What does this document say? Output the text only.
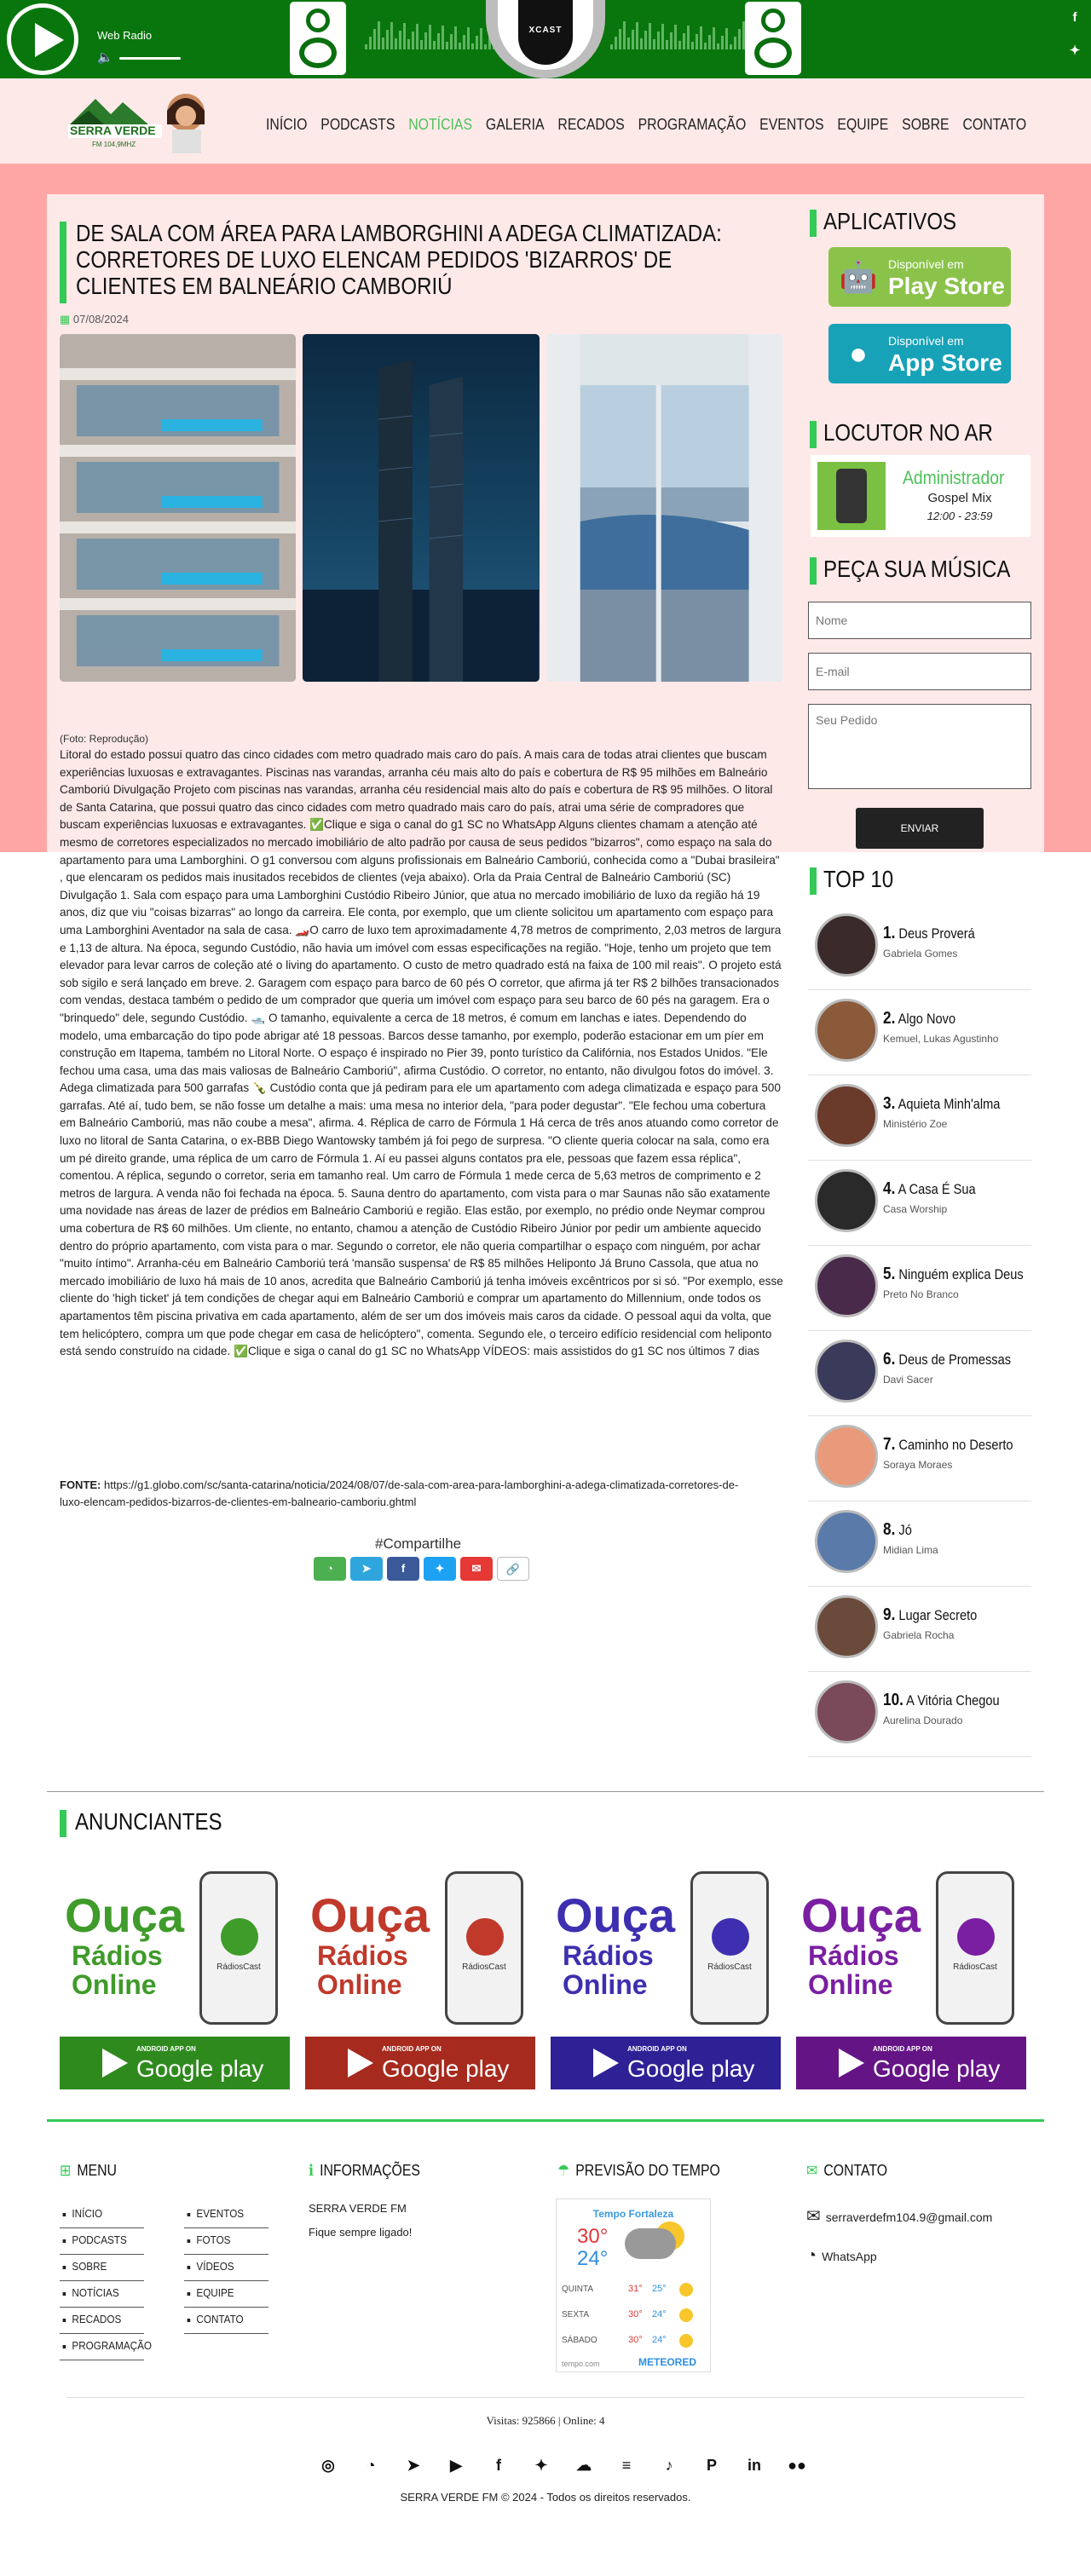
Web Radio
🔈
XCAST
f
✦
SERRA VERDE
FM 104,9MHZ
INÍCIO PODCASTS NOTÍCIAS GALERIA RECADOS PROGRAMAÇÃO EVENTOS EQUIPE SOBRE CONTATO
DE SALA COM ÁREA PARA LAMBORGHINI A ADEGA CLIMATIZADA: CORRETORES DE LUXO ELENCAM PEDIDOS 'BIZARROS' DE CLIENTES EM BALNEÁRIO CAMBORIÚ
▦ 07/08/2024
(Foto: Reprodução)
Litoral do estado possui quatro das cinco cidades com metro quadrado mais caro do país. A mais cara de todas atrai clientes que buscam experiências luxuosas e extravagantes. Piscinas nas varandas, arranha céu mais alto do país e cobertura de R$ 95 milhões em Balneário Camboriú Divulgação Projeto com piscinas nas varandas, arranha céu residencial mais alto do país e cobertura de R$ 95 milhões. O litoral de Santa Catarina, que possui quatro das cinco cidades com metro quadrado mais caro do país, atrai uma série de compradores que buscam experiências luxuosas e extravagantes. ✅Clique e siga o canal do g1 SC no WhatsApp Alguns clientes chamam a atenção até mesmo de corretores especializados no mercado imobiliário de alto padrão por causa de seus pedidos "bizarros", como espaço na sala do apartamento para uma Lamborghini. O g1 conversou com alguns profissionais em Balneário Camboriú, conhecida como a "Dubai brasileira" , que elencaram os pedidos mais inusitados recebidos de clientes (veja abaixo). Orla da Praia Central de Balneário Camboriú (SC) Divulgação 1. Sala com espaço para uma Lamborghini Custódio Ribeiro Júnior, que atua no mercado imobiliário de luxo da região há 19 anos, diz que viu "coisas bizarras" ao longo da carreira. Ele conta, por exemplo, que um cliente solicitou um apartamento com espaço para uma Lamborghini Aventador na sala de casa. 🏎️O carro de luxo tem aproximadamente 4,78 metros de comprimento, 2,03 metros de largura e 1,13 de altura. Na época, segundo Custódio, não havia um imóvel com essas especificações na região. "Hoje, tenho um projeto que tem elevador para levar carros de coleção até o living do apartamento. O custo de metro quadrado está na faixa de 100 mil reais". O projeto está sob sigilo e será lançado em breve. 2. Garagem com espaço para barco de 60 pés O corretor, que afirma já ter R$ 2 bilhões transacionados com vendas, destaca também o pedido de um comprador que queria um imóvel com espaço para seu barco de 60 pés na garagem. Era o "brinquedo" dele, segundo Custódio. 🛥️ O tamanho, equivalente a cerca de 18 metros, é comum em lanchas e iates. Dependendo do modelo, uma embarcação do tipo pode abrigar até 18 pessoas. Barcos desse tamanho, por exemplo, poderão estacionar em um píer em construção em Itapema, também no Litoral Norte. O espaço é inspirado no Pier 39, ponto turístico da Califórnia, nos Estados Unidos. "Ele fechou uma casa, uma das mais valiosas de Balneário Camboriú", afirma Custódio. O corretor, no entanto, não divulgou fotos do imóvel. 3. Adega climatizada para 500 garrafas 🍾 Custódio conta que já pediram para ele um apartamento com adega climatizada e espaço para 500 garrafas. Até aí, tudo bem, se não fosse um detalhe a mais: uma mesa no interior dela, "para poder degustar". "Ele fechou uma cobertura em Balneário Camboriú, mas não coube a mesa", afirma. 4. Réplica de carro de Fórmula 1 Há cerca de três anos atuando como corretor de luxo no litoral de Santa Catarina, o ex-BBB Diego Wantowsky também já foi pego de surpresa. "O cliente queria colocar na sala, como era um pé direito grande, uma réplica de um carro de Fórmula 1. Aí eu passei alguns contatos pra ele, pessoas que fazem essa réplica", comentou. A réplica, segundo o corretor, seria em tamanho real. Um carro de Fórmula 1 mede cerca de 5,63 metros de comprimento e 2 metros de largura. A venda não foi fechada na época. 5. Sauna dentro do apartamento, com vista para o mar Saunas não são exatamente uma novidade nas áreas de lazer de prédios em Balneário Camboriú e região. Elas estão, por exemplo, no prédio onde Neymar comprou uma cobertura de R$ 60 milhões. Um cliente, no entanto, chamou a atenção de Custódio Ribeiro Júnior por pedir um ambiente aquecido dentro do próprio apartamento, com vista para o mar. Segundo o corretor, ele não queria compartilhar o espaço com ninguém, por achar "muito íntimo". Arranha-céu em Balneário Camboriú terá 'mansão suspensa' de R$ 85 milhões Heliponto Já Bruno Cassola, que atua no mercado imobiliário de luxo há mais de 10 anos, acredita que Balneário Camboriú já tenha imóveis excêntricos por si só. "Por exemplo, esse cliente do 'high ticket' já tem condições de chegar aqui em Balneário Camboriú e comprar um apartamento do Millennium, onde todos os apartamentos têm piscina privativa em cada apartamento, além de ser um dos imóveis mais caros da cidade. O pessoal aqui da volta, que tem helicóptero, compra um que pode chegar em casa de helicóptero", comenta. Segundo ele, o terceiro edifício residencial com heliponto está sendo construído na cidade. ✅Clique e siga o canal do g1 SC no WhatsApp VÍDEOS: mais assistidos do g1 SC nos últimos 7 dias
FONTE: https://g1.globo.com/sc/santa-catarina/noticia/2024/08/07/de-sala-com-area-para-lamborghini-a-adega-climatizada-corretores-de-luxo-elencam-pedidos-bizarros-de-clientes-em-balneario-camboriu.ghtml
#Compartilhe
◔	➤	f	✦	✉	🔗
APLICATIVOS
🤖 Disponível em
Play Store
●	Disponível em
App Store
LOCUTOR NO AR
Administrador
Gospel Mix
12:00 - 23:59
PEÇA SUA MÚSICA
Nome
E-mail
Seu Pedido
ENVIAR
TOP 10
1. Deus Proverá
Gabriela Gomes
2. Algo Novo
Kemuel, Lukas Agustinho
3. Aquieta Minh'alma
Ministério Zoe
4. A Casa É Sua
Casa Worship
5. Ninguém explica Deus
Preto No Branco
6. Deus de Promessas
Davi Sacer
7. Caminho no Deserto
Soraya Moraes
8. Jó
Midian Lima
9. Lugar Secreto
Gabriela Rocha
10. A Vitória Chegou
Aurelina Dourado
ANUNCIANTES
Ouça
Rádios
Online
RádiosCast
ANDROID APP ON
Google play
Ouça
Rádios
Online
RádiosCast
ANDROID APP ON
Google play
Ouça
Rádios
Online
RádiosCast
ANDROID APP ON
Google play
Ouça
Rádios
Online
RádiosCast
ANDROID APP ON
Google play
⊞ MENU
INÍCIO
PODCASTS
SOBRE
NOTÍCIAS
RECADOS
PROGRAMAÇÃO
EVENTOS
FOTOS
VÍDEOS
EQUIPE
CONTATO
ℹ INFORMAÇÕES
SERRA VERDE FM
Fique sempre ligado!
☂ PREVISÃO DO TEMPO
Tempo Fortaleza
30°
24°
QUINTA	31° 25°
SEXTA	30° 24°
SÁBADO	30° 24°
tempo.com	METEORED
✉ CONTATO
✉ serraverdefm104.9@gmail.com
◔ WhatsApp
Visitas: 925866 | Online: 4
◎	◔	➤	▶	f	✦	☁	≡	♪	P	in ●●
SERRA VERDE FM © 2024 - Todos os direitos reservados.
